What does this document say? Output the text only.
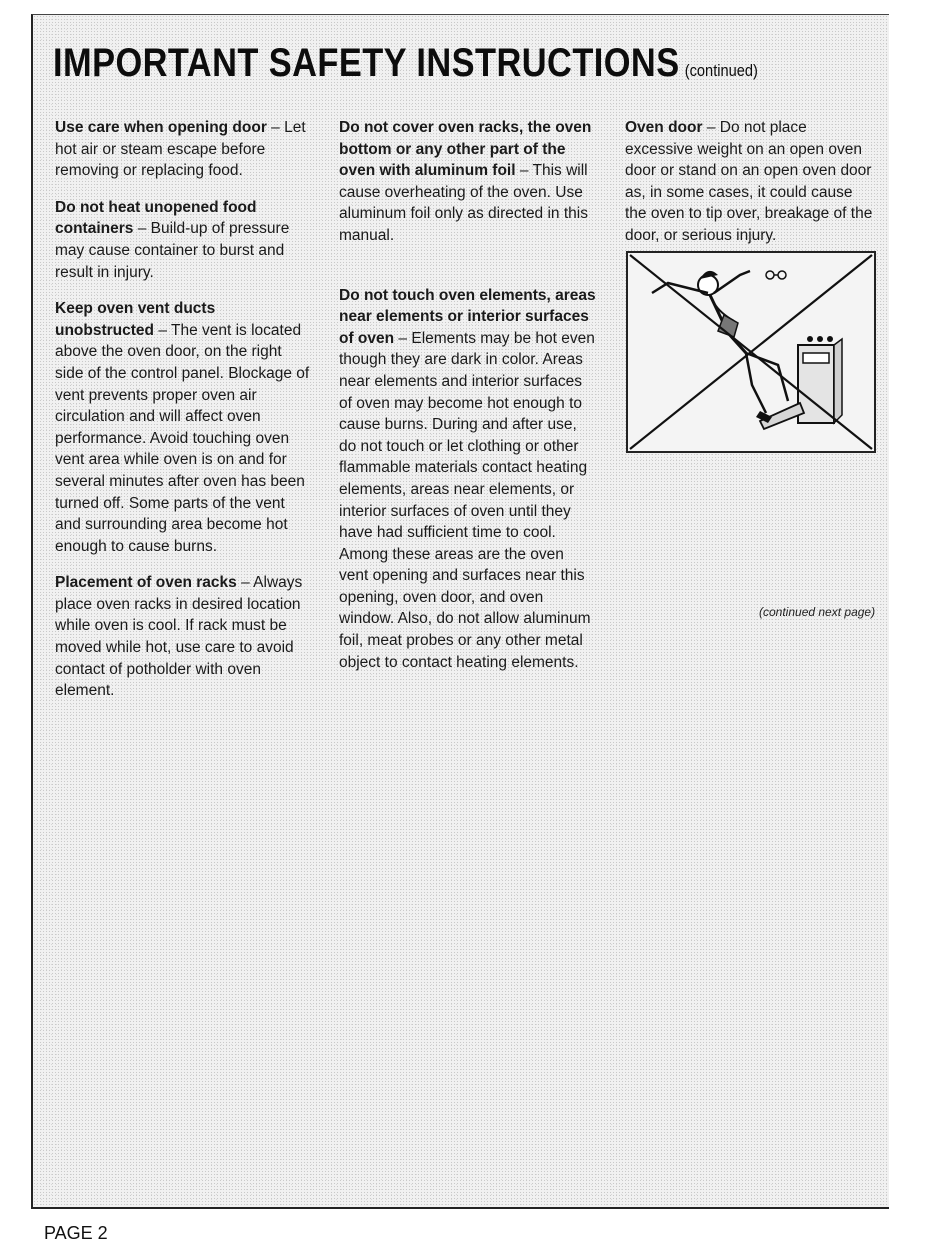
IMPORTANT SAFETY INSTRUCTIONS (continued)

Use care when opening door – Let hot air or steam escape before removing or replacing food.

Do not heat unopened food containers – Build-up of pressure may cause container to burst and result in injury.

Keep oven vent ducts unobstructed – The vent is located above the oven door, on the right side of the control panel. Blockage of vent prevents proper oven air circulation and will affect oven performance. Avoid touching oven vent area while oven is on and for several minutes after oven has been turned off. Some parts of the vent and surrounding area become hot enough to cause burns.

Placement of oven racks – Always place oven racks in desired location while oven is cool. If rack must be moved while hot, use care to avoid contact of potholder with oven element.

Do not cover oven racks, the oven bottom or any other part of the oven with aluminum foil – This will cause overheating of the oven. Use aluminum foil only as directed in this manual.

Do not touch oven elements, areas near elements or interior surfaces of oven – Elements may be hot even though they are dark in color. Areas near elements and interior surfaces of oven may become hot enough to cause burns. During and after use, do not touch or let clothing or other flammable materials contact heating elements, areas near elements, or interior surfaces of oven until they have had sufficient time to cool. Among these areas are the oven vent opening and surfaces near this opening, oven door, and oven window. Also, do not allow aluminum foil, meat probes or any other metal object to contact heating elements.

Oven door – Do not place excessive weight on an open oven door or stand on an open oven door as, in some cases, it could cause the oven to tip over, breakage of the door, or serious injury.

(continued next page)
PAGE 2
